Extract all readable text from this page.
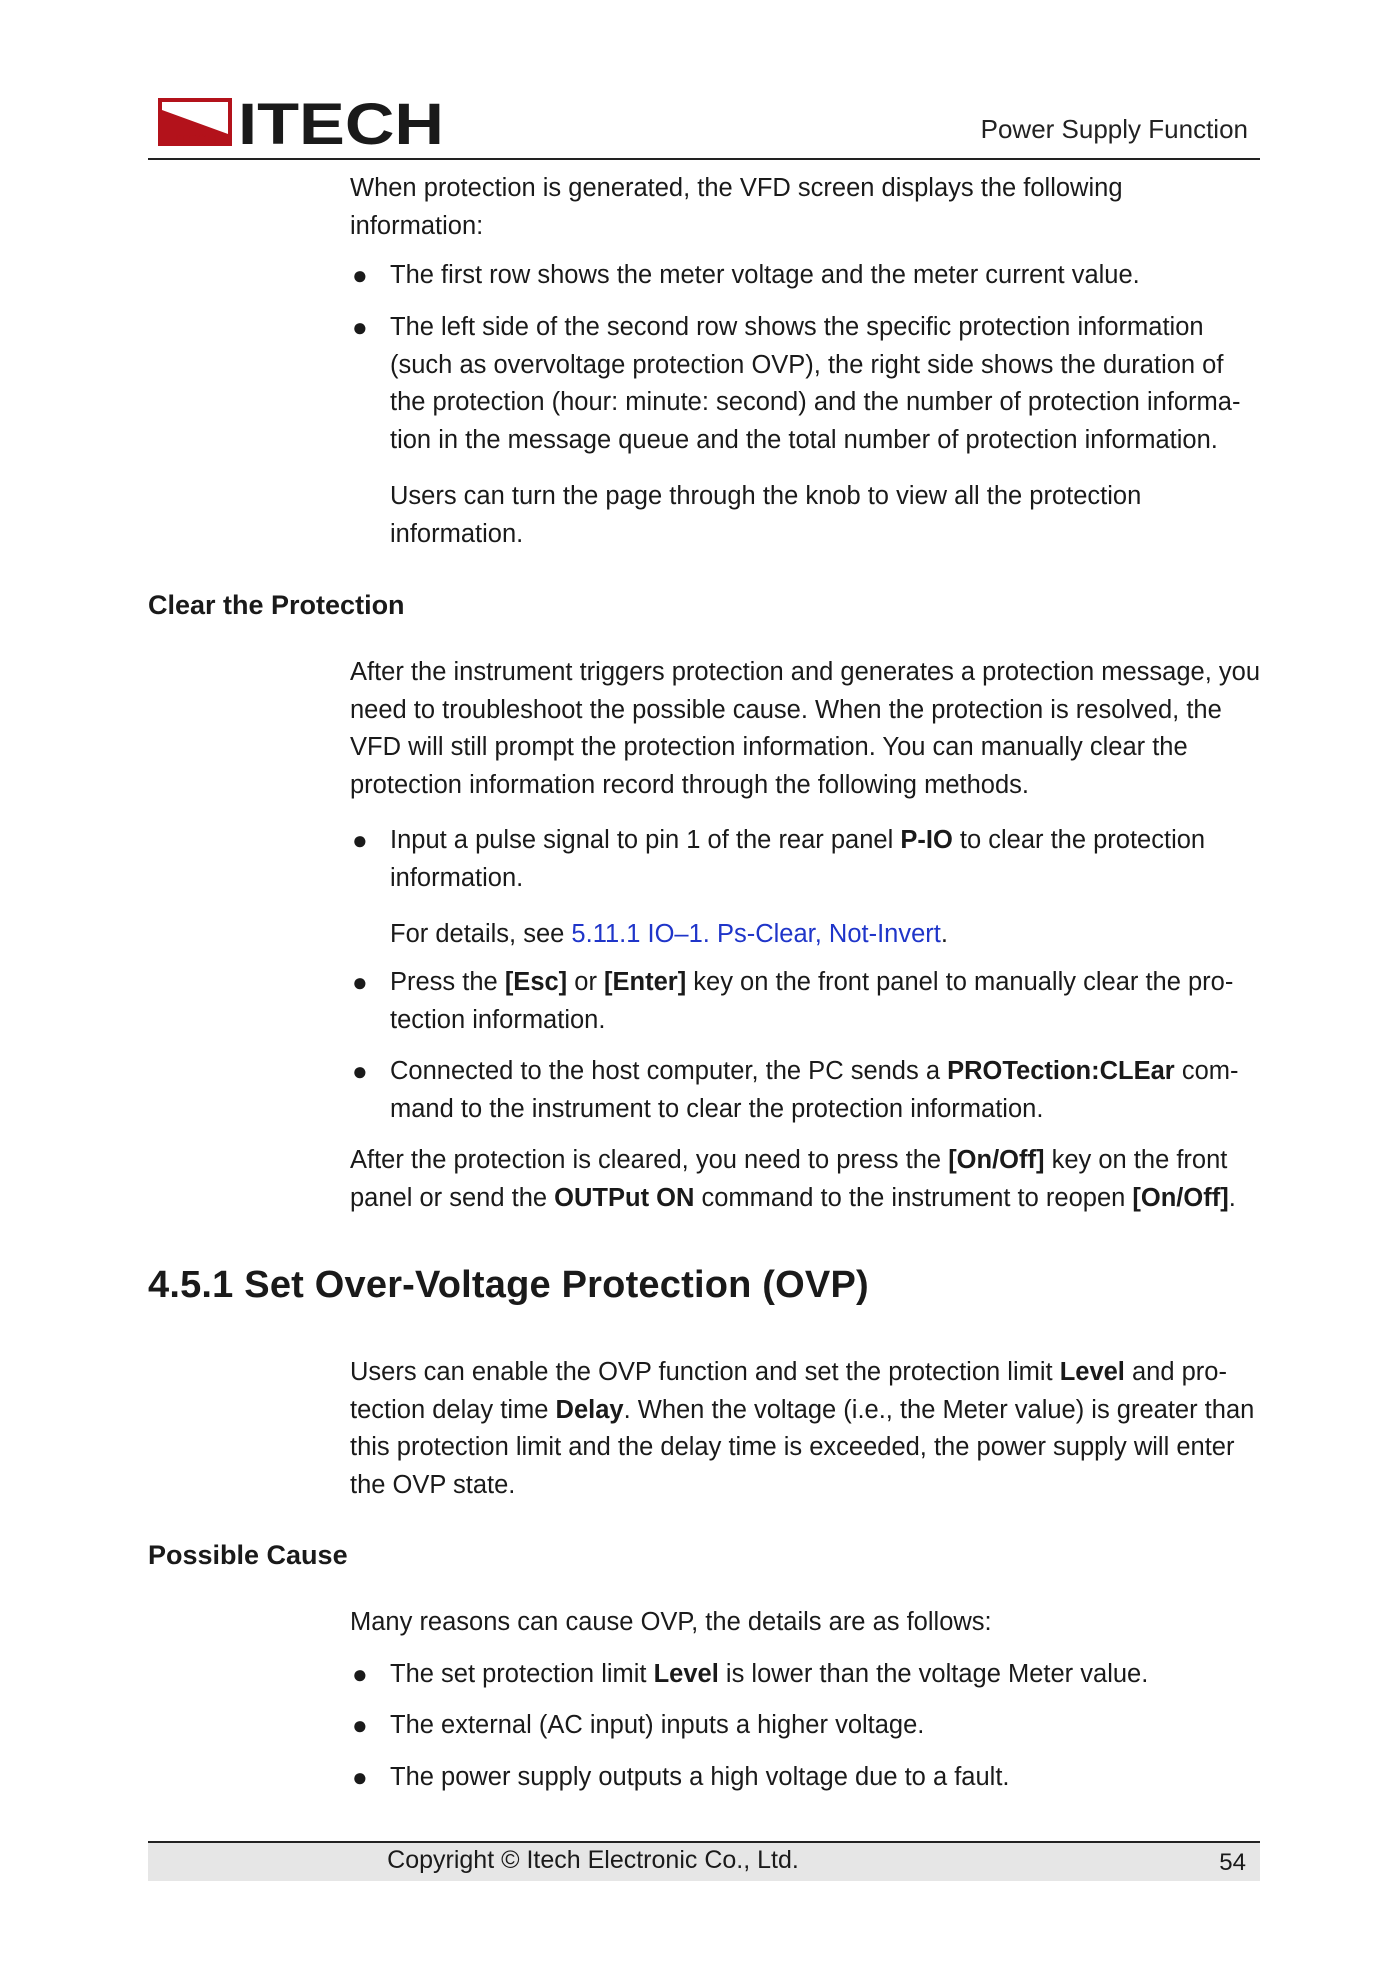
ITECH ITECH	Power Supply Function
When protection is generated, the VFD screen displays the following information:
● The first row shows the meter voltage and the meter current value.
● The left side of the second row shows the specific protection information (such as overvoltage protection OVP), the right side shows the duration of the protection (hour: minute: second) and the number of protection informa-tion in the message queue and the total number of protection information.
Users can turn the page through the knob to view all the protection information.
Clear the Protection
After the instrument triggers protection and generates a protection message, you need to troubleshoot the possible cause. When the protection is resolved, the VFD will still prompt the protection information. You can manually clear the protection information record through the following methods.
● Input a pulse signal to pin 1 of the rear panel P-IO to clear the protection information.
For details, see 5.11.1 IO–1. Ps-Clear, Not-Invert.
● Press the [Esc] or [Enter] key on the front panel to manually clear the pro-tection information.
● Connected to the host computer, the PC sends a PROTection:CLEar com-mand to the instrument to clear the protection information.
After the protection is cleared, you need to press the [On/Off] key on the front panel or send the OUTPut ON command to the instrument to reopen [On/Off].
4.5.1 Set Over-Voltage Protection (OVP)
Users can enable the OVP function and set the protection limit Level and pro-tection delay time Delay. When the voltage (i.e., the Meter value) is greater than this protection limit and the delay time is exceeded, the power supply will enter the OVP state.
Possible Cause
Many reasons can cause OVP, the details are as follows:
● The set protection limit Level is lower than the voltage Meter value.
● The external (AC input) inputs a higher voltage.
● The power supply outputs a high voltage due to a fault.
Copyright © Itech Electronic Co., Ltd.	54
